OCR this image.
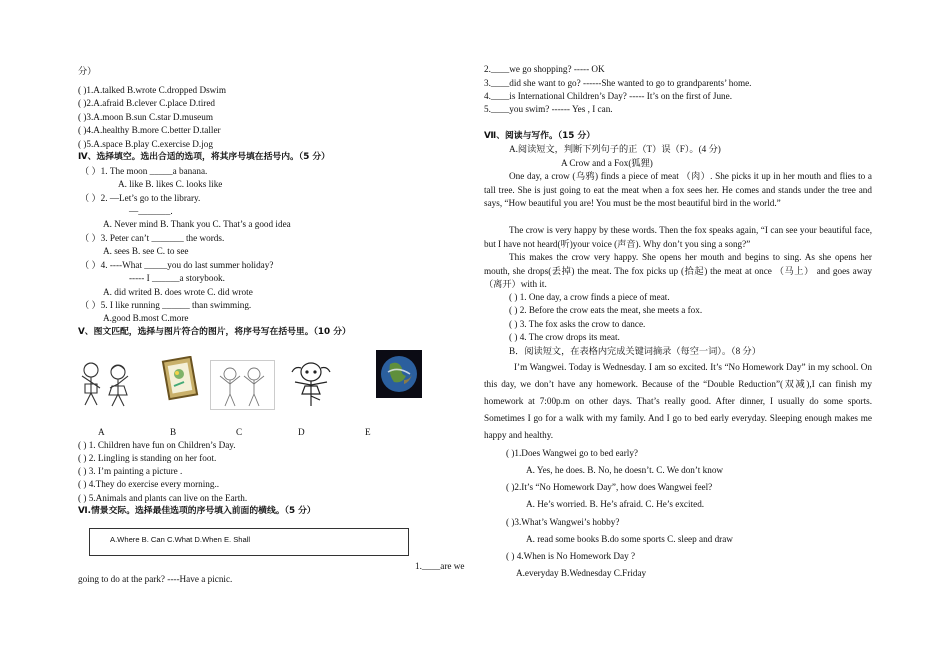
分）
( )1.A.talked B.wrote C.dropped Dswim
( )2.A.afraid B.clever C.place D.tired
( )3.A.moon B.sun C.star D.museum
( )4.A.healthy B.more C.better D.taller
( )5.A.space B.play C.exercise D.jog
Ⅳ、选择填空。选出合适的选项，将其序号填在括号内。（5 分）
（ ）1. The moon _____a banana.
A. like B. likes C. looks like
（ ）2. —Let’s go to the library.
—_______.
A. Never mind B. Thank you C. That’s a good idea
（ ）3. Peter can’t _______ the words.
A. sees B. see C. to see
（ ）4. ----What _____you do last summer holiday?
----- I ______a storybook.
A. did writed B. does wrote C. did wrote
（ ）5. I like running ______ than swimming.
A.good B.most C.more
Ⅴ、图文匹配，选择与图片符合的图片，将序号写在括号里。（10 分）
A	B	C	D	E
( ) 1. Children have fun on Children’s Day.
( ) 2. Lingling is standing on her foot.
( ) 3. I’m painting a picture .
( ) 4.They do exercise every morning..
( ) 5.Animals and plants can live on the Earth.
Ⅵ.情景交际。选择最佳选项的序号填入前面的横线。（5 分）
A.Where B. Can C.What D.When E. Shall
1.____are we
going to do at the park? ----Have a picnic.
2.____we go shopping? ----- OK
3.____did she want to go? ------She wanted to go to grandparents’ home.
4.____is International Children’s Day? ----- It’s on the first of June.
5.____you swim? ------ Yes , I can.
Ⅶ、阅读与写作。（15 分）
A.阅读短文，判断下列句子的正（T）误（F）。(4 分)
A Crow and a Fox(狐狸)
One day, a crow (乌鸦) finds a piece of meat （肉）. She picks it up in her mouth and flies to a tall tree. She is just going to eat the meat when a fox sees her. He comes and stands under the tree and says, “How beautiful you are! You must be the most beautiful bird in the world.”
The crow is very happy by these words. Then the fox speaks again, “I can see your beautiful face, but I have not heard(听)your voice (声音). Why don’t you sing a song?”
This makes the crow very happy. She opens her mouth and begins to sing. As she opens her mouth, she drops(丢掉) the meat. The fox picks up (拾起) the meat at once （马上） and goes away（离开）with it.
( ) 1. One day, a crow finds a piece of meat.
( ) 2. Before the crow eats the meat, she meets a fox.
( ) 3. The fox asks the crow to dance.
( ) 4. The crow drops its meat.
B．阅读短文，在表格内完成关键词摘录（每空一词）。（8 分）
I’m Wangwei. Today is Wednesday. I am so excited. It’s “No Homework Day” in my school. On this day, we don’t have any homework. Because of the “Double Reduction”(双减),I can finish my homework at 7:00p.m on other days. That’s really good. After dinner, I usually do some sports. Sometimes I go for a walk with my family. And I go to bed early everyday. Sleeping enough makes me happy and healthy.
( )1.Does Wangwei go to bed early?
A. Yes, he does. B. No, he doesn’t. C. We don’t know
( )2.It’s “No Homework Day”, how does Wangwei feel?
A. He’s worried. B. He’s afraid. C. He’s excited.
( )3.What’s Wangwei’s hobby?
A. read some books B.do some sports C. sleep and draw
( ) 4.When is No Homework Day ?
A.everyday B.Wednesday C.Friday
